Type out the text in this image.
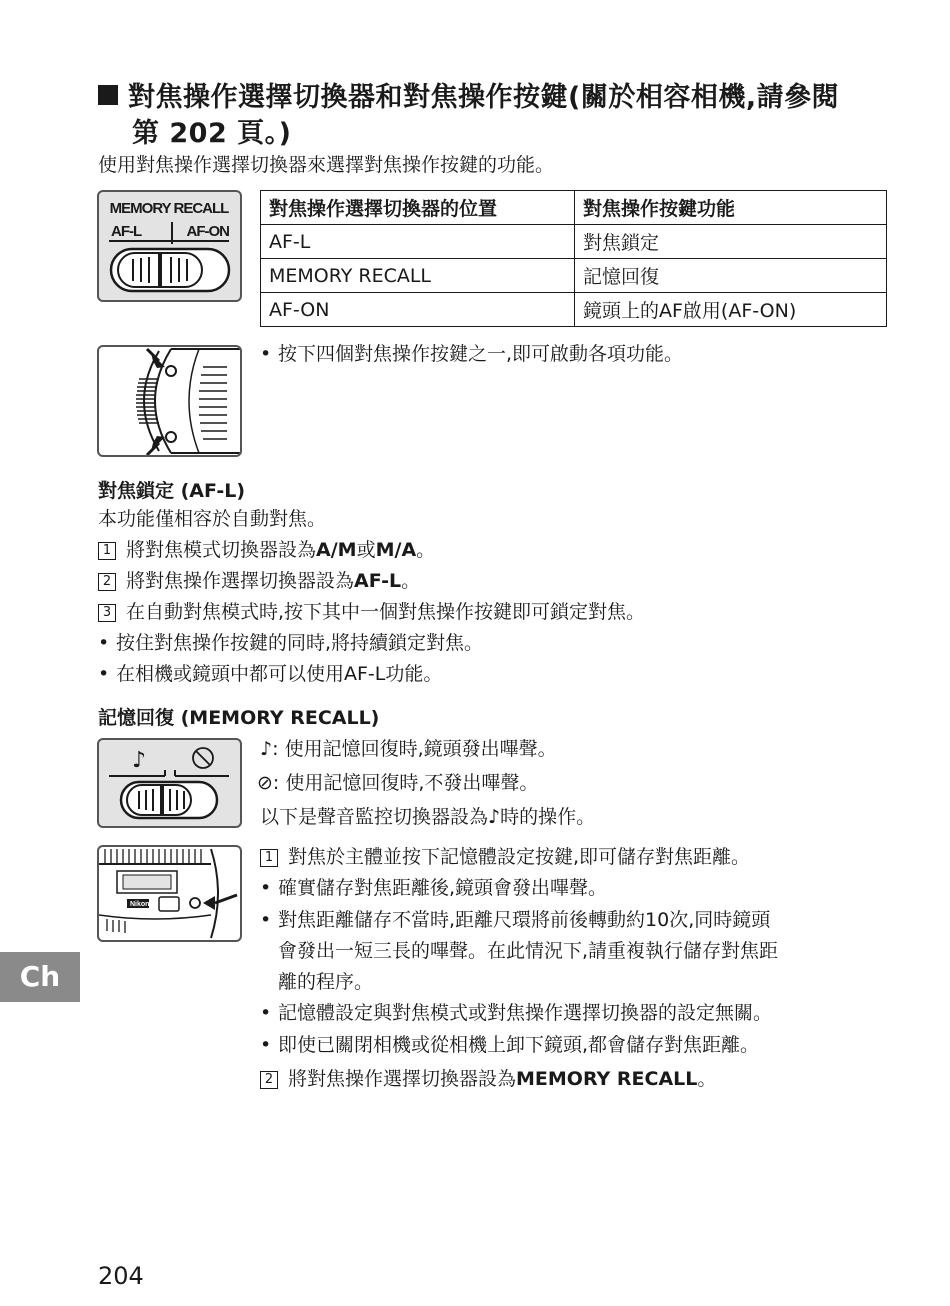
對焦操作選擇切換器和對焦操作按鍵(關於相容相機,請參閱
第 202 頁。)
使用對焦操作選擇切換器來選擇對焦操作按鍵的功能。
MEMORY RECALL
AF-L	AF-ON
對焦操作選擇切換器的位置	對焦操作按鍵功能
AF-L	對焦鎖定
MEMORY RECALL	記憶回復
AF-ON	鏡頭上的AF啟用(AF-ON)
• 按下四個對焦操作按鍵之一,即可啟動各項功能。
對焦鎖定 (AF-L)
本功能僅相容於自動對焦。
1 將對焦模式切換器設為A/M或M/A。
2 將對焦操作選擇切換器設為AF-L。
3 在自動對焦模式時,按下其中一個對焦操作按鍵即可鎖定對焦。
• 按住對焦操作按鍵的同時,將持續鎖定對焦。
• 在相機或鏡頭中都可以使用AF-L功能。
記憶回復 (MEMORY RECALL)
♪	♪: 使用記憶回復時,鏡頭發出嗶聲。
⊘: 使用記憶回復時,不發出嗶聲。
以下是聲音監控切換器設為♪時的操作。
Nikon
1 對焦於主體並按下記憶體設定按鍵,即可儲存對焦距離。
• 確實儲存對焦距離後,鏡頭會發出嗶聲。
• 對焦距離儲存不當時,距離尺環將前後轉動約10次,同時鏡頭
會發出一短三長的嗶聲。在此情況下,請重複執行儲存對焦距
離的程序。
• 記憶體設定與對焦模式或對焦操作選擇切換器的設定無關。
• 即使已關閉相機或從相機上卸下鏡頭,都會儲存對焦距離。
2 將對焦操作選擇切換器設為MEMORY RECALL。
Ch
204
